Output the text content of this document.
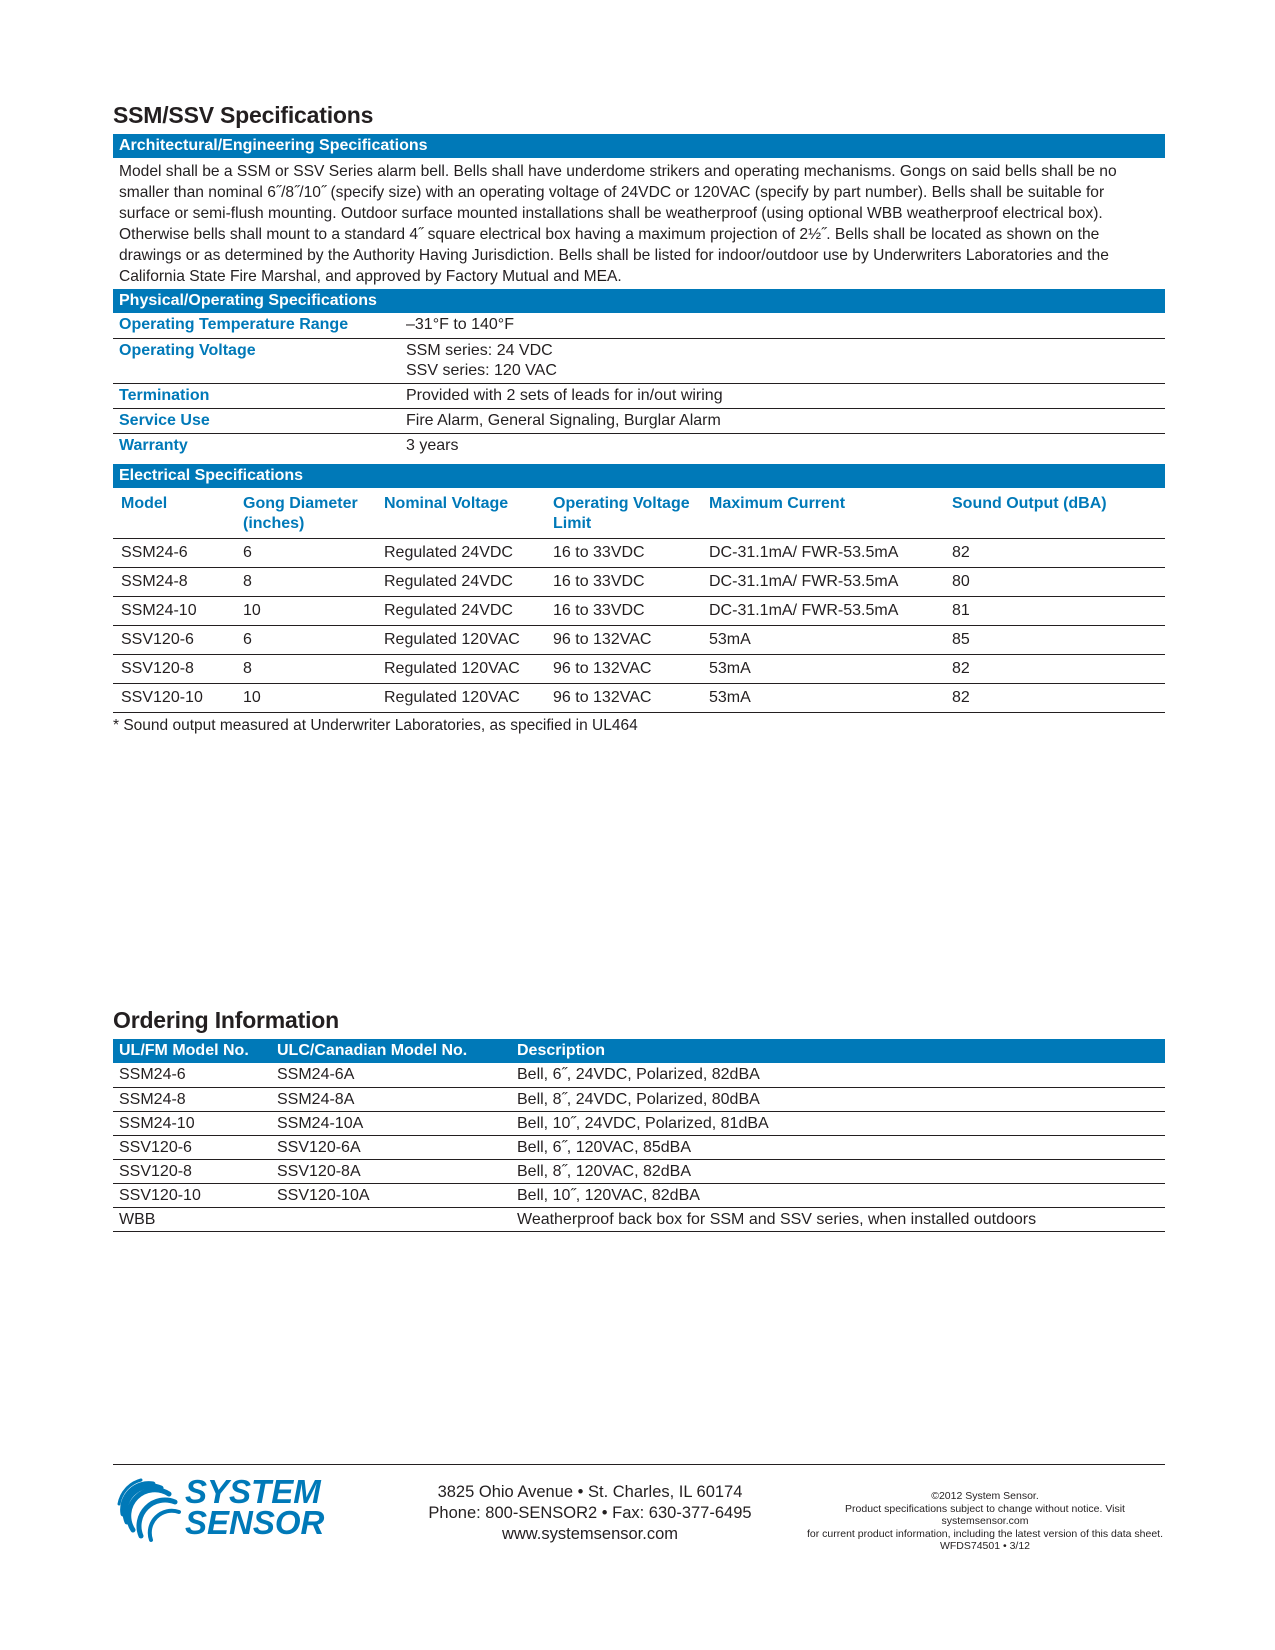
SSM/SSV Specifications
Architectural/Engineering Specifications

Model shall be a SSM or SSV Series alarm bell. Bells shall have underdome strikers and operating mechanisms. Gongs on said bells shall be no smaller than nominal 6˝/8˝/10˝ (specify size) with an operating voltage of 24VDC or 120VAC (specify by part number). Bells shall be suitable for surface or semi-flush mounting. Outdoor surface mounted installations shall be weatherproof (using optional WBB weatherproof electrical box). Otherwise bells shall mount to a standard 4˝ square electrical box having a maximum projection of 2½˝. Bells shall be located as shown on the drawings or as determined by the Authority Having Jurisdiction. Bells shall be listed for indoor/outdoor use by Underwriters Laboratories and the California State Fire Marshal, and approved by Factory Mutual and MEA.

Physical/Operating Specifications
Operating Temperature Range	–31°F to 140°F
Operating Voltage	SSM series: 24 VDC
SSV series: 120 VAC

Termination	Provided with 2 sets of leads for in/out wiring
Service Use	Fire Alarm, General Signaling, Burglar Alarm
Warranty	3 years
Electrical Specifications
Model	Gong Diameter (inches)	Nominal Voltage	Operating Voltage Limit	Maximum Current	Sound Output (dBA)
SSM24-6	6	Regulated 24VDC	16 to 33VDC	DC-31.1mA/ FWR-53.5mA	82
SSM24-8	8	Regulated 24VDC	16 to 33VDC	DC-31.1mA/ FWR-53.5mA	80
SSM24-10	10	Regulated 24VDC	16 to 33VDC	DC-31.1mA/ FWR-53.5mA	81
SSV120-6	6	Regulated 120VAC	96 to 132VAC	53mA	85
SSV120-8	8	Regulated 120VAC	96 to 132VAC	53mA	82
SSV120-10	10	Regulated 120VAC	96 to 132VAC	53mA	82

* Sound output measured at Underwriter Laboratories, as specified in UL464

Ordering Information
UL/FM Model No.	ULC/Canadian Model No.	Description
SSM24-6	SSM24-6A	Bell, 6˝, 24VDC, Polarized, 82dBA
SSM24-8	SSM24-8A	Bell, 8˝, 24VDC, Polarized, 80dBA
SSM24-10	SSM24-10A	Bell, 10˝, 24VDC, Polarized, 81dBA
SSV120-6	SSV120-6A	Bell, 6˝, 120VAC, 85dBA
SSV120-8	SSV120-8A	Bell, 8˝, 120VAC, 82dBA
SSV120-10	SSV120-10A	Bell, 10˝, 120VAC, 82dBA
WBB		Weatherproof back box for SSM and SSV series, when installed outdoors
SYSTEM
SENSOR
3825 Ohio Avenue • St. Charles, IL 60174
Phone: 800-SENSOR2 • Fax: 630-377-6495
www.systemsensor.com
©2012 System Sensor.
Product specifications subject to change without notice. Visit systemsensor.com
for current product information, including the latest version of this data sheet.
WFDS74501 • 3/12
